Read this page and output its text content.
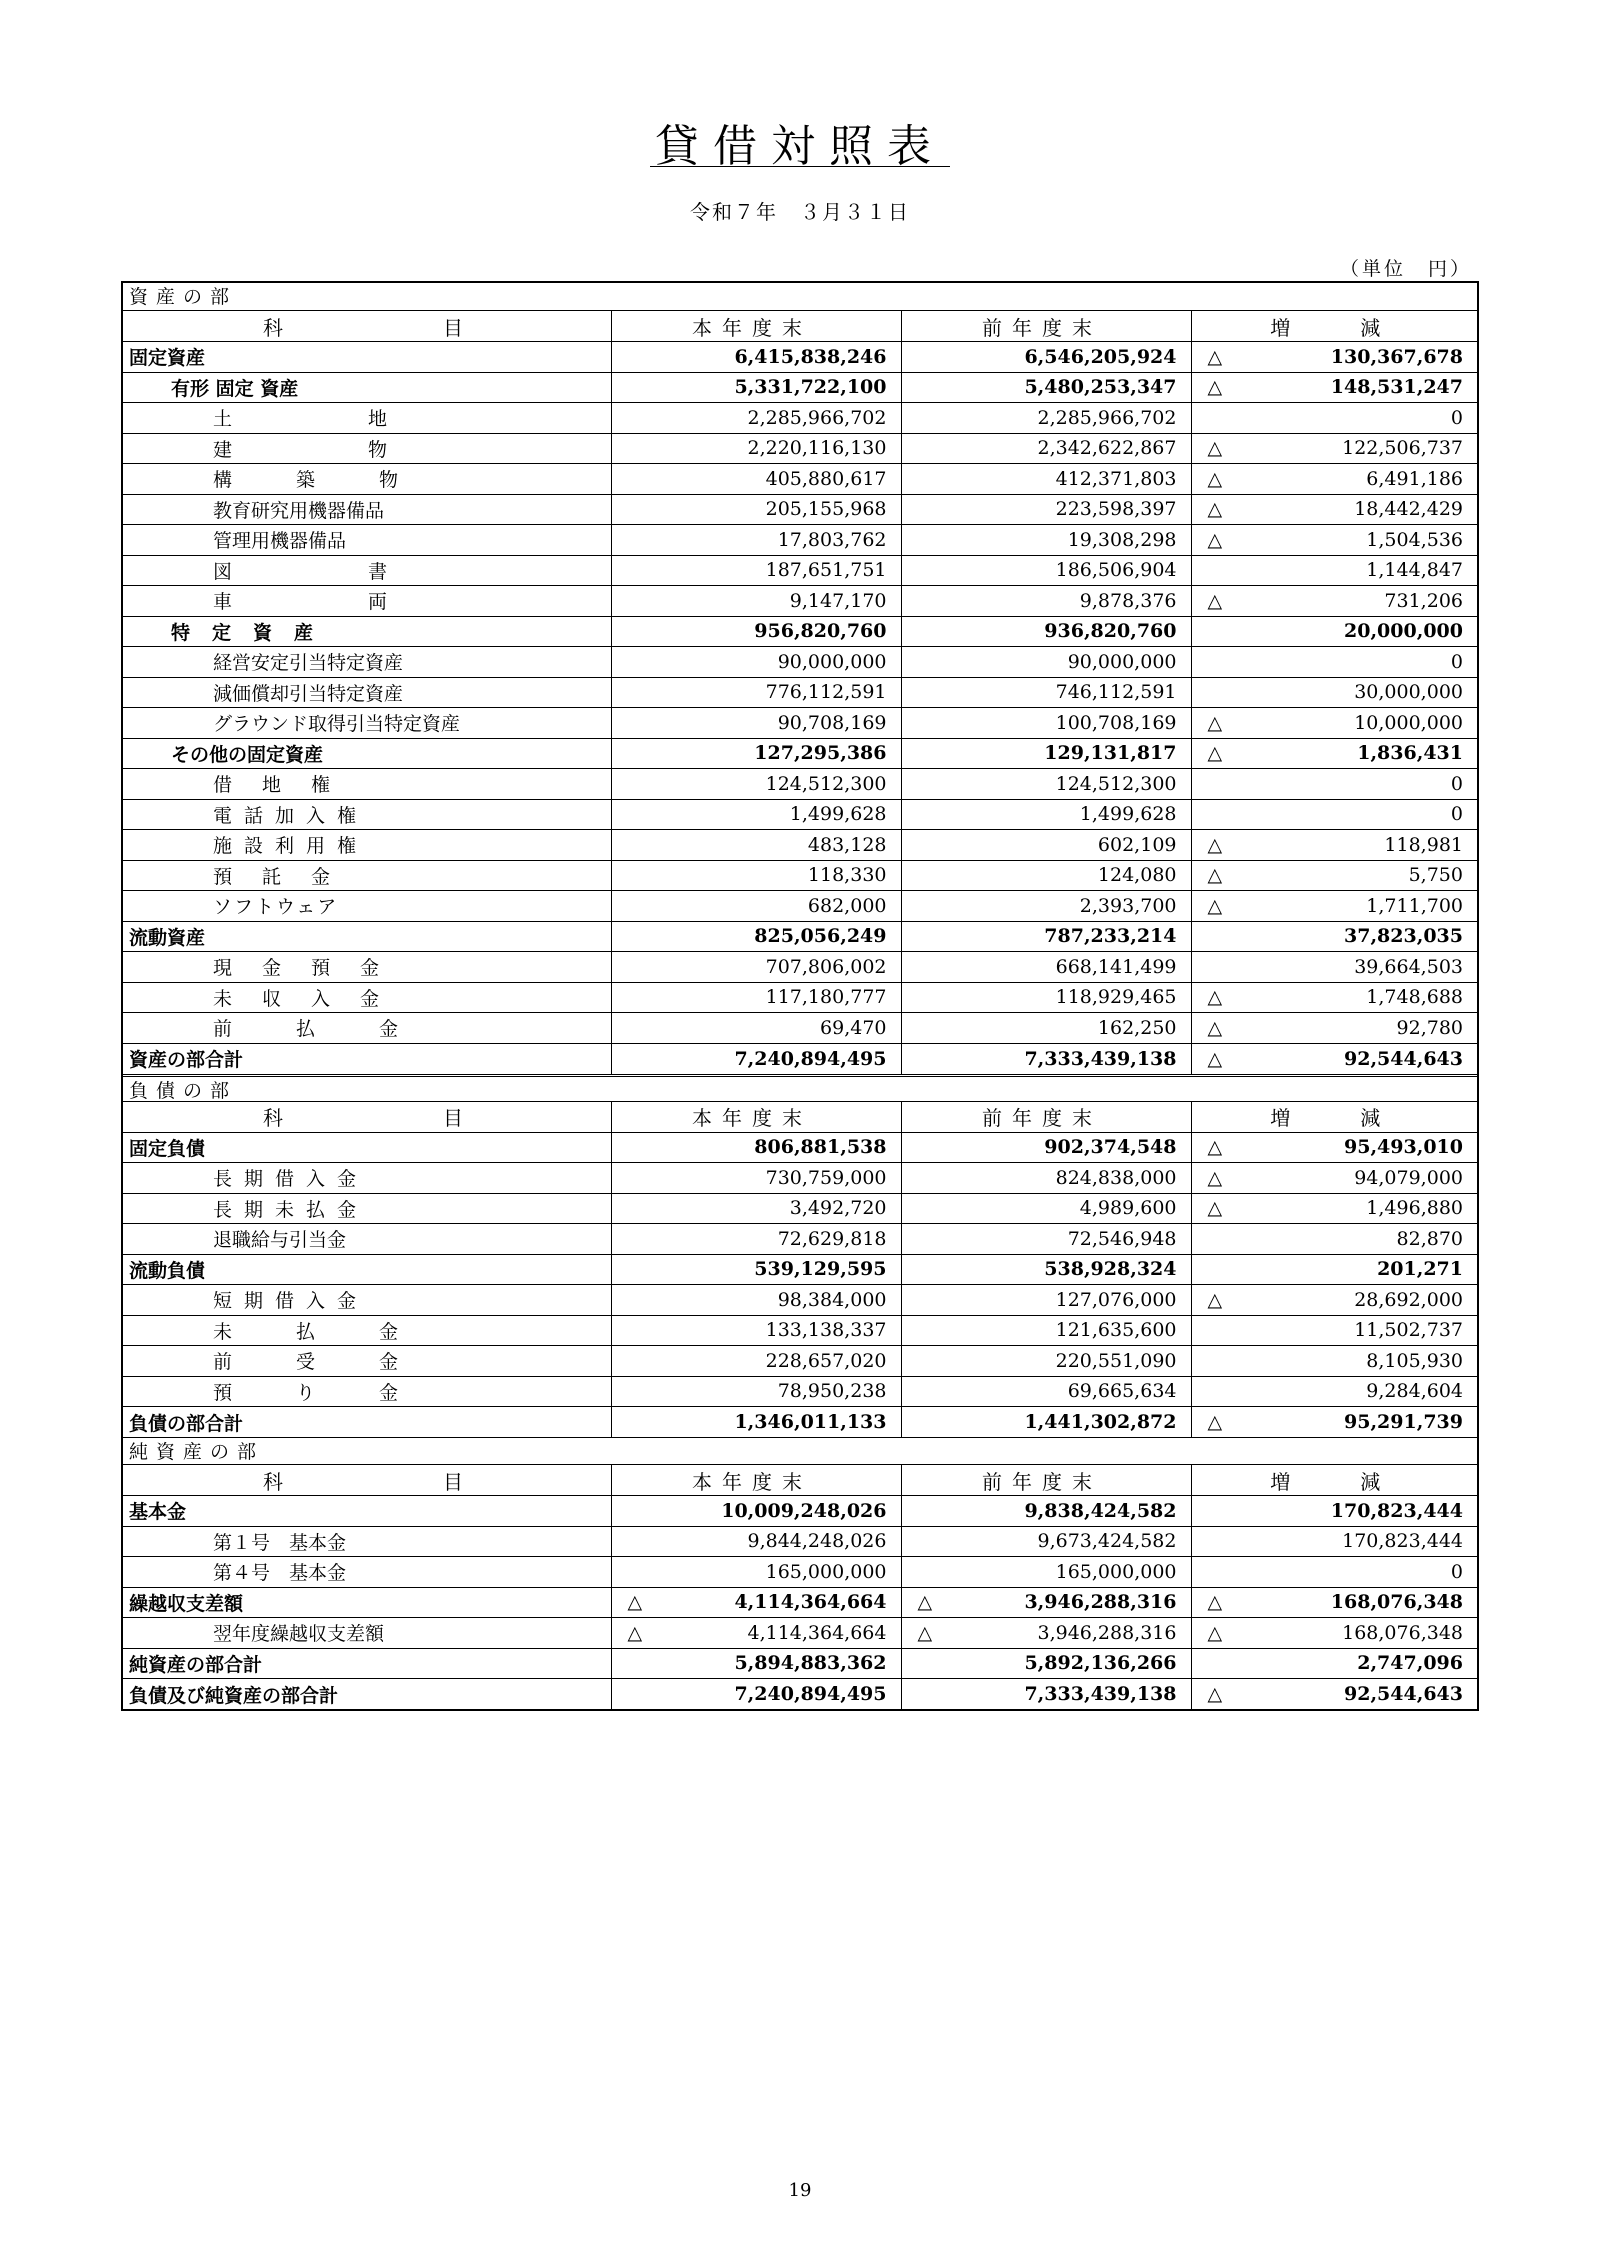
貸借対照表
令和７年　３月３１日
（単位　円）
資産の部
科 目	本年度末	前年度末	増　　減
固定資産	6,415,838,246	6,546,205,924	△ 130,367,678
有形 固定 資産	5,331,722,100	5,480,253,347	△ 148,531,247
土地	2,285,966,702	2,285,966,702	0
建物	2,220,116,130	2,342,622,867	△ 122,506,737
構築物	405,880,617	412,371,803	△ 6,491,186
教育研究用機器備品	205,155,968	223,598,397	△ 18,442,429
管理用機器備品	17,803,762	19,308,298	△ 1,504,536
図書	187,651,751	186,506,904	1,144,847
車両	9,147,170	9,878,376	△ 731,206
特定資産	956,820,760	936,820,760	20,000,000
経営安定引当特定資産	90,000,000	90,000,000	0
減価償却引当特定資産	776,112,591	746,112,591	30,000,000
グラウンド取得引当特定資産	90,708,169	100,708,169	△ 10,000,000
その他の固定資産	127,295,386	129,131,817	△ 1,836,431
借地権	124,512,300	124,512,300	0
電話加入権	1,499,628	1,499,628	0
施設利用権	483,128	602,109	△ 118,981
預託金	118,330	124,080	△ 5,750
ソフトウェア	682,000	2,393,700	△ 1,711,700
流動資産	825,056,249	787,233,214	37,823,035
現金預金	707,806,002	668,141,499	39,664,503
未収入金	117,180,777	118,929,465	△ 1,748,688
前払金	69,470	162,250	△ 92,780
資産の部合計	7,240,894,495	7,333,439,138	△ 92,544,643
負債の部
科 目	本年度末	前年度末	増　　減
固定負債	806,881,538	902,374,548	△ 95,493,010
長期借入金	730,759,000	824,838,000	△ 94,079,000
長期未払金	3,492,720	4,989,600	△ 1,496,880
退職給与引当金	72,629,818	72,546,948	82,870
流動負債	539,129,595	538,928,324	201,271
短期借入金	98,384,000	127,076,000	△ 28,692,000
未払金	133,138,337	121,635,600	11,502,737
前受金	228,657,020	220,551,090	8,105,930
預り金	78,950,238	69,665,634	9,284,604
負債の部合計	1,346,011,133	1,441,302,872	△ 95,291,739
純資産の部
科 目	本年度末	前年度末	増　　減
基本金	10,009,248,026	9,838,424,582	170,823,444
第１号　基本金	9,844,248,026	9,673,424,582	170,823,444
第４号　基本金	165,000,000	165,000,000	0
繰越収支差額	△ 4,114,364,664	△ 3,946,288,316	△ 168,076,348
翌年度繰越収支差額	△ 4,114,364,664	△ 3,946,288,316	△ 168,076,348
純資産の部合計	5,894,883,362	5,892,136,266	2,747,096
負債及び純資産の部合計	7,240,894,495	7,333,439,138	△ 92,544,643
19
